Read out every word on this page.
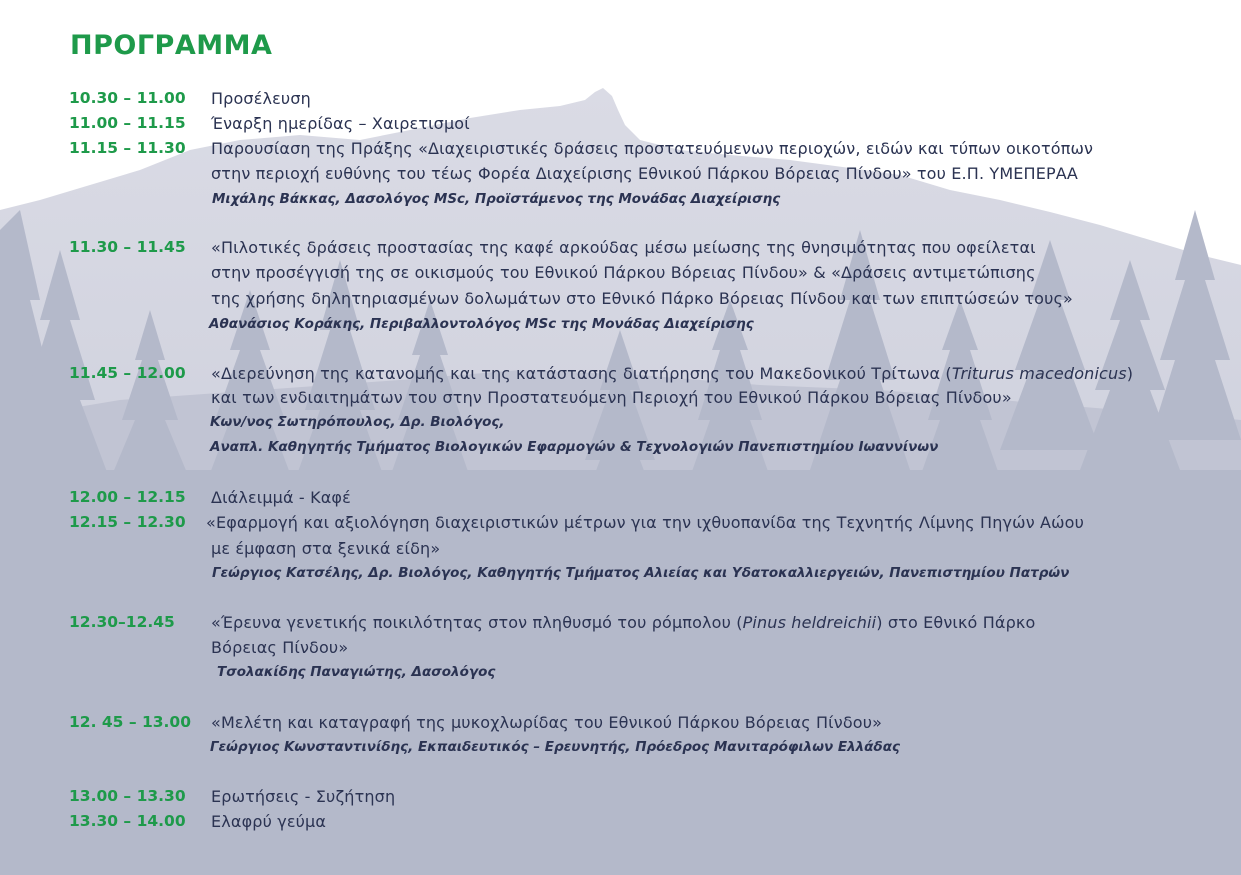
ΠΡΟΓΡΑΜΜΑ
10.30 – 11.00 Προσέλευση
11.00 – 11.15 Έναρξη ημερίδας – Χαιρετισμοί
11.15 – 11.30 Παρουσίαση της Πράξης «Διαχειριστικές δράσεις προστατευόμενων περιοχών, ειδών και τύπων οικοτόπων
στην περιοχή ευθύνης του τέως Φορέα Διαχείρισης Εθνικού Πάρκου Βόρειας Πίνδου» του Ε.Π. ΥΜΕΠΕΡΑΑ
Μιχάλης Βάκκας, Δασολόγος MSc, Προϊστάμενος της Μονάδας Διαχείρισης
11.30 – 11.45 «Πιλοτικές δράσεις προστασίας της καφέ αρκούδας μέσω μείωσης της θνησιμότητας που οφείλεται
στην προσέγγισή της σε οικισμούς του Εθνικού Πάρκου Βόρειας Πίνδου» & «Δράσεις αντιμετώπισης
της χρήσης δηλητηριασμένων δολωμάτων στο Εθνικό Πάρκο Βόρειας Πίνδου και των επιπτώσεών τους»
Αθανάσιος Κοράκης, Περιβαλλοντολόγος MSc της Μονάδας Διαχείρισης
11.45 – 12.00 «Διερεύνηση της κατανομής και της κατάστασης διατήρησης του Μακεδονικού Τρίτωνα (Triturus macedonicus)
και των ενδιαιτημάτων του στην Προστατευόμενη Περιοχή του Εθνικού Πάρκου Βόρειας Πίνδου»
Κων/νος Σωτηρόπουλος, Δρ. Βιολόγος,
Αναπλ. Καθηγητής Τμήματος Βιολογικών Εφαρμογών & Τεχνολογιών Πανεπιστημίου Ιωαννίνων
12.00 – 12.15 Διάλειμμά - Καφέ
12.15 – 12.30 «Εφαρμογή και αξιολόγηση διαχειριστικών μέτρων για την ιχθυοπανίδα της Τεχνητής Λίμνης Πηγών Αώου
με έμφαση στα ξενικά είδη»
Γεώργιος Κατσέλης, Δρ. Βιολόγος, Καθηγητής Τμήματος Αλιείας και Υδατοκαλλιεργειών, Πανεπιστημίου Πατρών
12.30–12.45 «Έρευνα γενετικής ποικιλότητας στον πληθυσμό του ρόμπολου (Pinus heldreichii) στο Εθνικό Πάρκο
Βόρειας Πίνδου»
Τσολακίδης Παναγιώτης, Δασολόγος
12. 45 – 13.00 «Μελέτη και καταγραφή της μυκοχλωρίδας του Εθνικού Πάρκου Βόρειας Πίνδου»
Γεώργιος Κωνσταντινίδης, Εκπαιδευτικός – Ερευνητής, Πρόεδρος Μανιταρόφιλων Ελλάδας
13.00 – 13.30 Ερωτήσεις - Συζήτηση
13.30 – 14.00 Ελαφρύ γεύμα
